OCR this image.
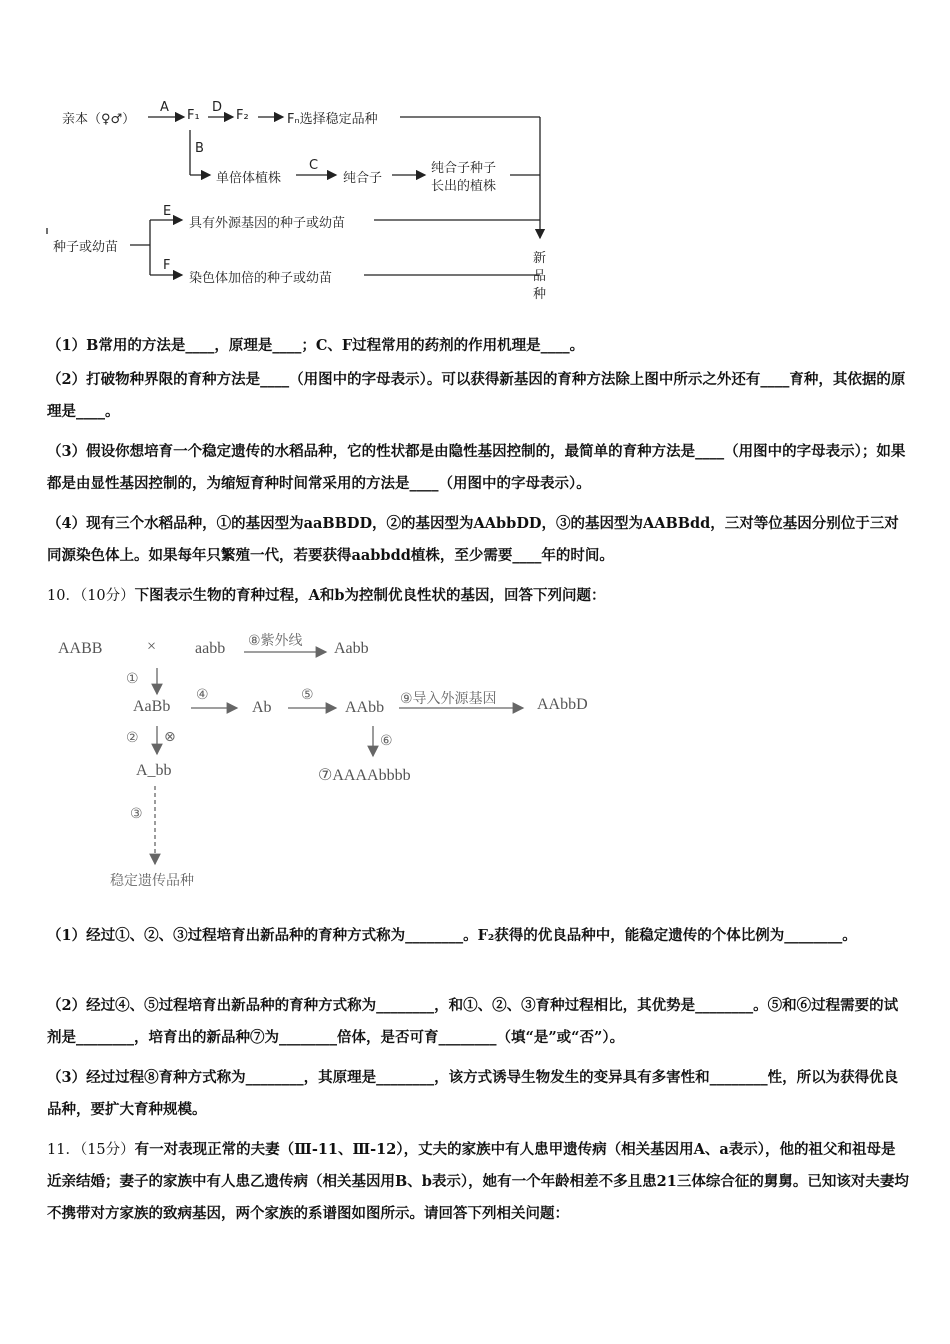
亲本（♀♂）
A
F₁
D
F₂	Fₙ选择稳定品种
B
单倍体植株
C
纯合子
纯合子种子
长出的植株
种子或幼苗
E
具有外源基因的种子或幼苗
F
染色体加倍的种子或幼苗
新
品
种
（1）B常用的方法是____，原理是____；C、F过程常用的药剂的作用机理是____。
（2）打破物种界限的育种方法是____（用图中的字母表示）。可以获得新基因的育种方法除上图中所示之外还有____育种，其依据的原理是____。
（3）假设你想培育一个稳定遗传的水稻品种，它的性状都是由隐性基因控制的，最简单的育种方法是____（用图中的字母表示）；如果都是由显性基因控制的，为缩短育种时间常采用的方法是____（用图中的字母表示）。
（4）现有三个水稻品种，①的基因型为aaBBDD，②的基因型为AAbbDD，③的基因型为AABBdd，三对等位基因分别位于三对同源染色体上。如果每年只繁殖一代，若要获得aabbdd植株，至少需要____年的时间。
10．（10分）下图表示生物的育种过程，A和b为控制优良性状的基因，回答下列问题：
AABB	× aabb ⑧紫外线 Aabb
①
AaBb
④
Ab
⑤
AAbb ⑨导入外源基因	AAbbD
② ⊗	⑥
A_bb	⑦AAAAbbbb
③
稳定遗传品种
（1）经过①、②、③过程培育出新品种的育种方式称为________。F₂获得的优良品种中，能稳定遗传的个体比例为________。
（2）经过④、⑤过程培育出新品种的育种方式称为________，和①、②、③育种过程相比，其优势是________。⑤和⑥过程需要的试剂是________，培育出的新品种⑦为________倍体，是否可育________（填“是”或“否”）。
（3）经过过程⑧育种方式称为________，其原理是________，该方式诱导生物发生的变异具有多害性和________性，所以为获得优良品种，要扩大育种规模。
11．（15分）有一对表现正常的夫妻（Ⅲ-11、Ⅲ-12），丈夫的家族中有人患甲遗传病（相关基因用A、a表示），他的祖父和祖母是近亲结婚；妻子的家族中有人患乙遗传病（相关基因用B、b表示），她有一个年龄相差不多且患21三体综合征的舅舅。已知该对夫妻均不携带对方家族的致病基因，两个家族的系谱图如图所示。请回答下列相关问题：
